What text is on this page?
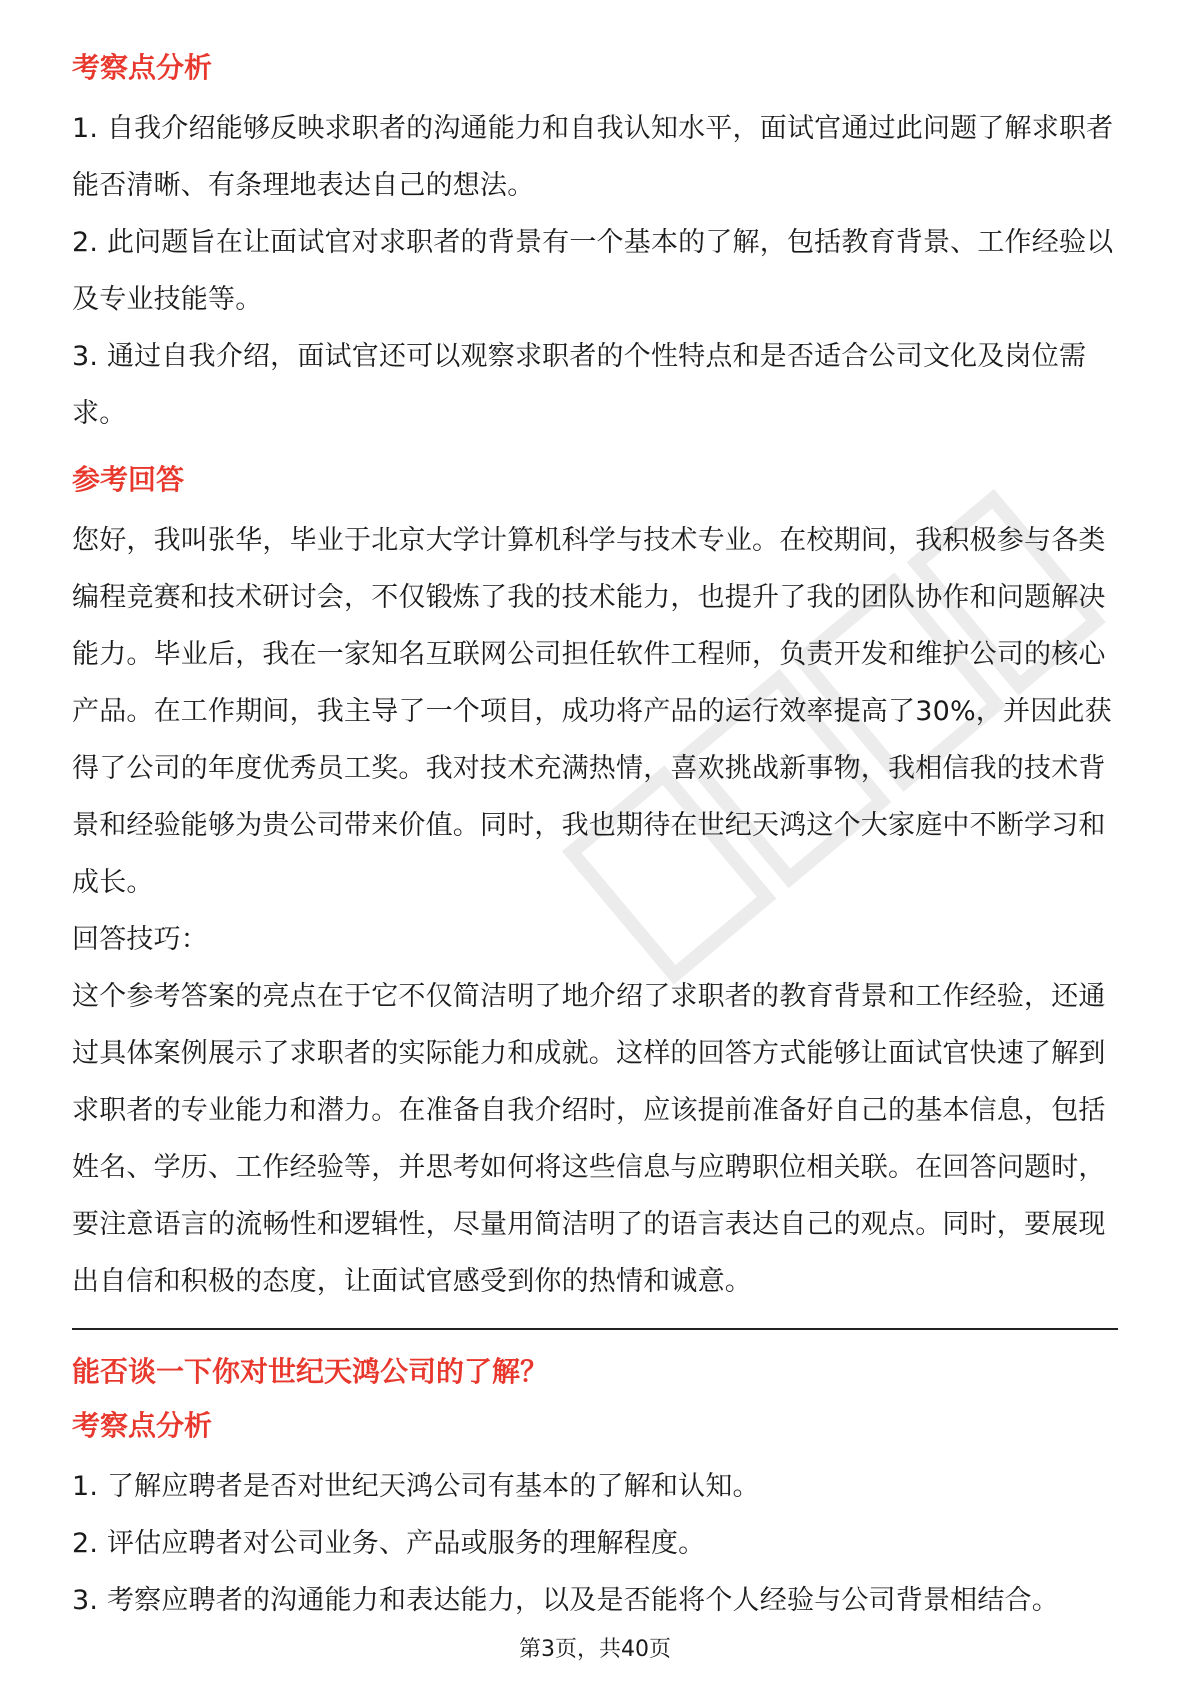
考察点分析

1. 自我介绍能够反映求职者的沟通能力和自我认知水平，面试官通过此问题了解求职者能否清晰、有条理地表达自己的想法。

2. 此问题旨在让面试官对求职者的背景有一个基本的了解，包括教育背景、工作经验以及专业技能等。

3. 通过自我介绍，面试官还可以观察求职者的个性特点和是否适合公司文化及岗位需求。

参考回答

您好，我叫张华，毕业于北京大学计算机科学与技术专业。在校期间，我积极参与各类编程竞赛和技术研讨会，不仅锻炼了我的技术能力，也提升了我的团队协作和问题解决能力。毕业后，我在一家知名互联网公司担任软件工程师，负责开发和维护公司的核心产品。在工作期间，我主导了一个项目，成功将产品的运行效率提高了30%，并因此获得了公司的年度优秀员工奖。我对技术充满热情，喜欢挑战新事物，我相信我的技术背景和经验能够为贵公司带来价值。同时，我也期待在世纪天鸿这个大家庭中不断学习和成长。

回答技巧：

这个参考答案的亮点在于它不仅简洁明了地介绍了求职者的教育背景和工作经验，还通过具体案例展示了求职者的实际能力和成就。这样的回答方式能够让面试官快速了解到求职者的专业能力和潜力。在准备自我介绍时，应该提前准备好自己的基本信息，包括姓名、学历、工作经验等，并思考如何将这些信息与应聘职位相关联。在回答问题时，要注意语言的流畅性和逻辑性，尽量用简洁明了的语言表达自己的观点。同时，要展现出自信和积极的态度，让面试官感受到你的热情和诚意。

能否谈一下你对世纪天鸿公司的了解？
考察点分析

1. 了解应聘者是否对世纪天鸿公司有基本的了解和认知。

2. 评估应聘者对公司业务、产品或服务的理解程度。

3. 考察应聘者的沟通能力和表达能力，以及是否能将个人经验与公司背景相结合。

第3页，共40页
